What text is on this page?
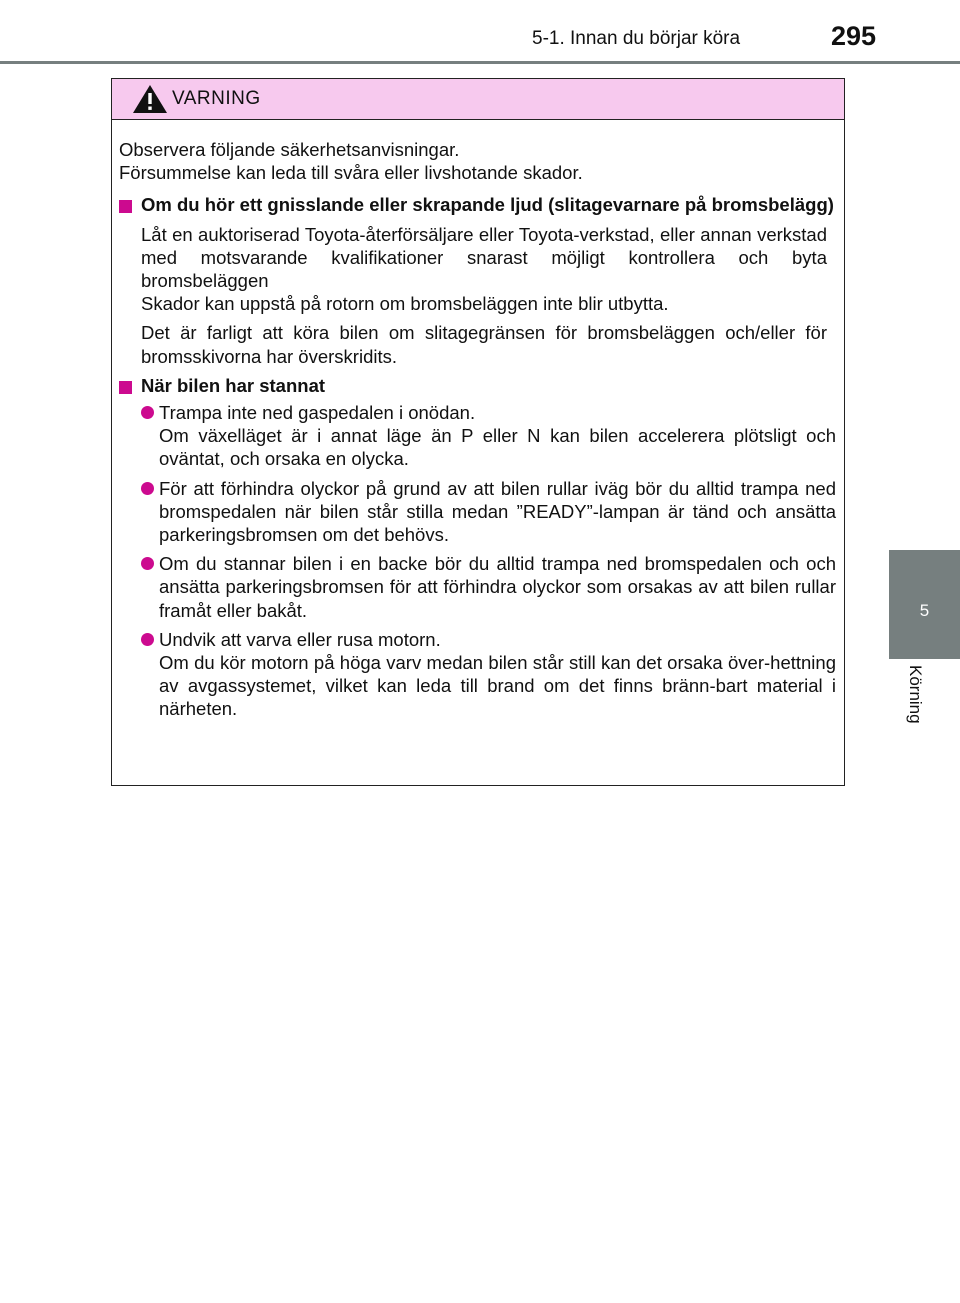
5-1. Innan du börjar köra	295
5
Körning
VARNING
Observera följande säkerhetsanvisningar.
Försummelse kan leda till svåra eller livshotande skador.

Om du hör ett gnisslande eller skrapande ljud (slitagevarnare på bromsbelägg)

Låt en auktoriserad Toyota-återförsäljare eller Toyota-verkstad, eller annan verkstad med motsvarande kvalifikationer snarast möjligt kontrollera och byta bromsbeläggen
Skador kan uppstå på rotorn om bromsbeläggen inte blir utbytta.

Det är farligt att köra bilen om slitagegränsen för bromsbeläggen och/eller för bromsskivorna har överskridits.

När bilen har stannat

Trampa inte ned gaspedalen i onödan.
Om växelläget är i annat läge än P eller N kan bilen accelerera plötsligt och oväntat, och orsaka en olycka.
För att förhindra olyckor på grund av att bilen rullar iväg bör du alltid trampa ned bromspedalen när bilen står stilla medan ”READY”-lampan är tänd och ansätta parkeringsbromsen om det behövs.
Om du stannar bilen i en backe bör du alltid trampa ned bromspedalen och och ansätta parkeringsbromsen för att förhindra olyckor som orsakas av att bilen rullar framåt eller bakåt.
Undvik att varva eller rusa motorn.
Om du kör motorn på höga varv medan bilen står still kan det orsaka över-hettning av avgassystemet, vilket kan leda till brand om det finns bränn-bart material i närheten.
